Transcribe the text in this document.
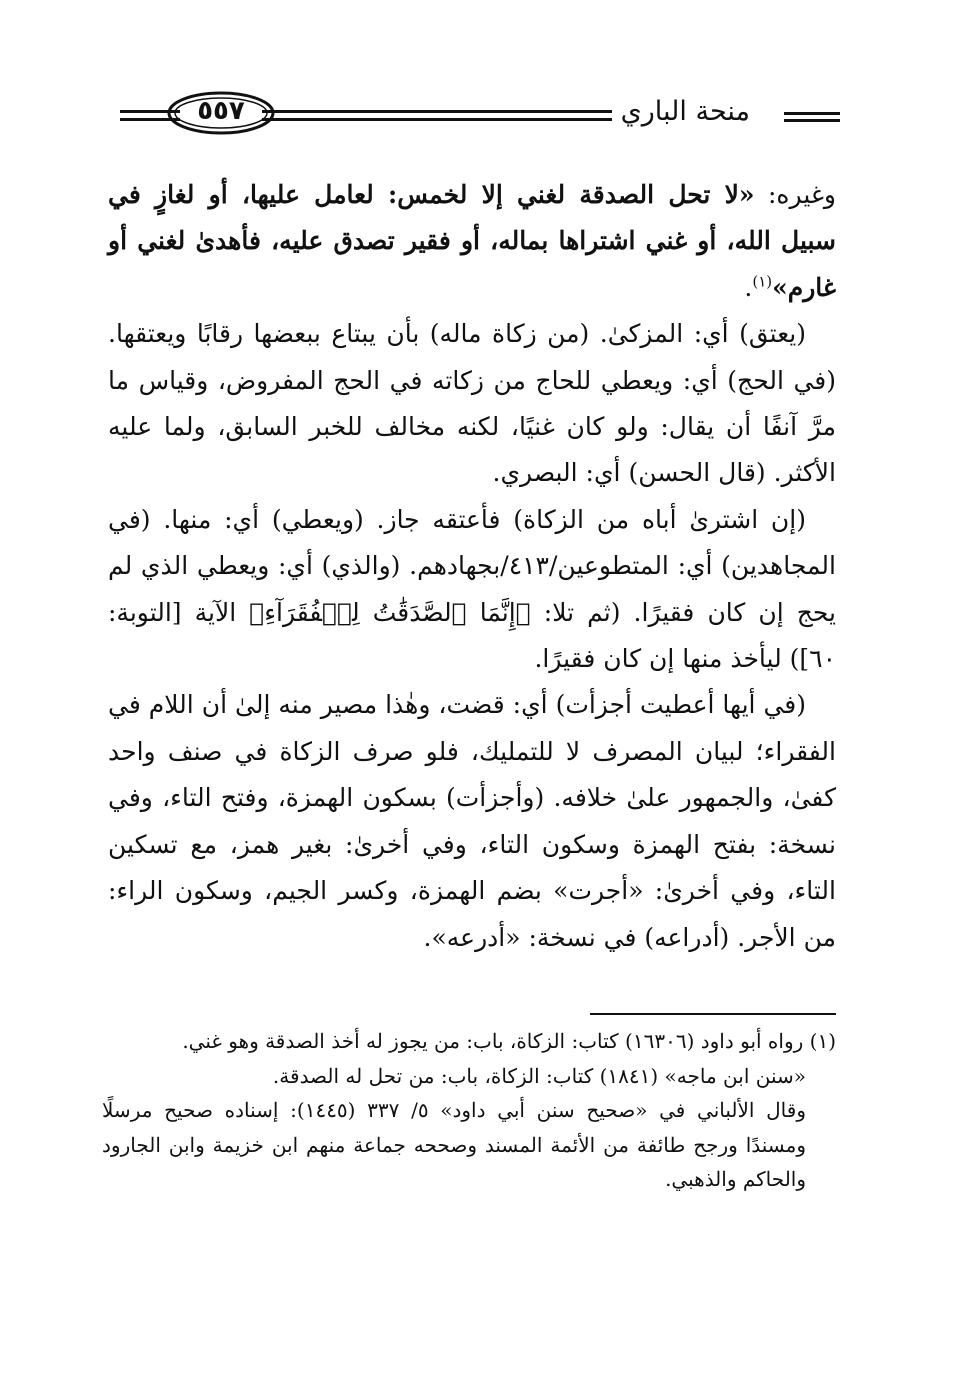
منحة الباري
٥٥٧

وغيره: «لا تحل الصدقة لغني إلا لخمس: لعامل عليها، أو لغازٍ في سبيل الله، أو غني اشتراها بماله، أو فقير تصدق عليه، فأهدىٰ لغني أو غارم»$^{(١)}$.

(يعتق) أي: المزكىٰ. (من زكاة ماله) بأن يبتاع ببعضها رقابًا ويعتقها. (في الحج) أي: ويعطي للحاج من زكاته في الحج المفروض، وقياس ما مرَّ آنفًا أن يقال: ولو كان غنيًا، لكنه مخالف للخبر السابق، ولما عليه الأكثر. (قال الحسن) أي: البصري.

(إن اشترىٰ أباه من الزكاة) فأعتقه جاز. (ويعطي) أي: منها. (في المجاهدين) أي: المتطوعين/٤١٣/بجهادهم. (والذي) أي: ويعطي الذي لم يحج إن كان فقيرًا. (ثم تلا: ﴿إِنَّمَا ٱلصَّدَقَٰتُ لِلۡفُقَرَآءِ﴾ الآية [التوبة: ٦٠]) ليأخذ منها إن كان فقيرًا.

(في أيها أعطيت أجزأت) أي: قضت، وهٰذا مصير منه إلىٰ أن اللام في الفقراء؛ لبيان المصرف لا للتمليك، فلو صرف الزكاة في صنف واحد كفىٰ، والجمهور علىٰ خلافه. (وأجزأت) بسكون الهمزة، وفتح التاء، وفي نسخة: بفتح الهمزة وسكون التاء، وفي أخرىٰ: بغير همز، مع تسكين التاء، وفي أخرىٰ: «أجرت» بضم الهمزة، وكسر الجيم، وسكون الراء: من الأجر. (أدراعه) في نسخة: «أدرعه».

(١) رواه أبو داود (١٦٣٠٦) كتاب: الزكاة، باب: من يجوز له أخذ الصدقة وهو غني.

«سنن ابن ماجه» (١٨٤١) كتاب: الزكاة، باب: من تحل له الصدقة.

وقال الألباني في «صحيح سنن أبي داود» ٥/ ٣٣٧ (١٤٤٥): إسناده صحيح مرسلًا ومسندًا ورجح طائفة من الأئمة المسند وصححه جماعة منهم ابن خزيمة وابن الجارود والحاكم والذهبي.
